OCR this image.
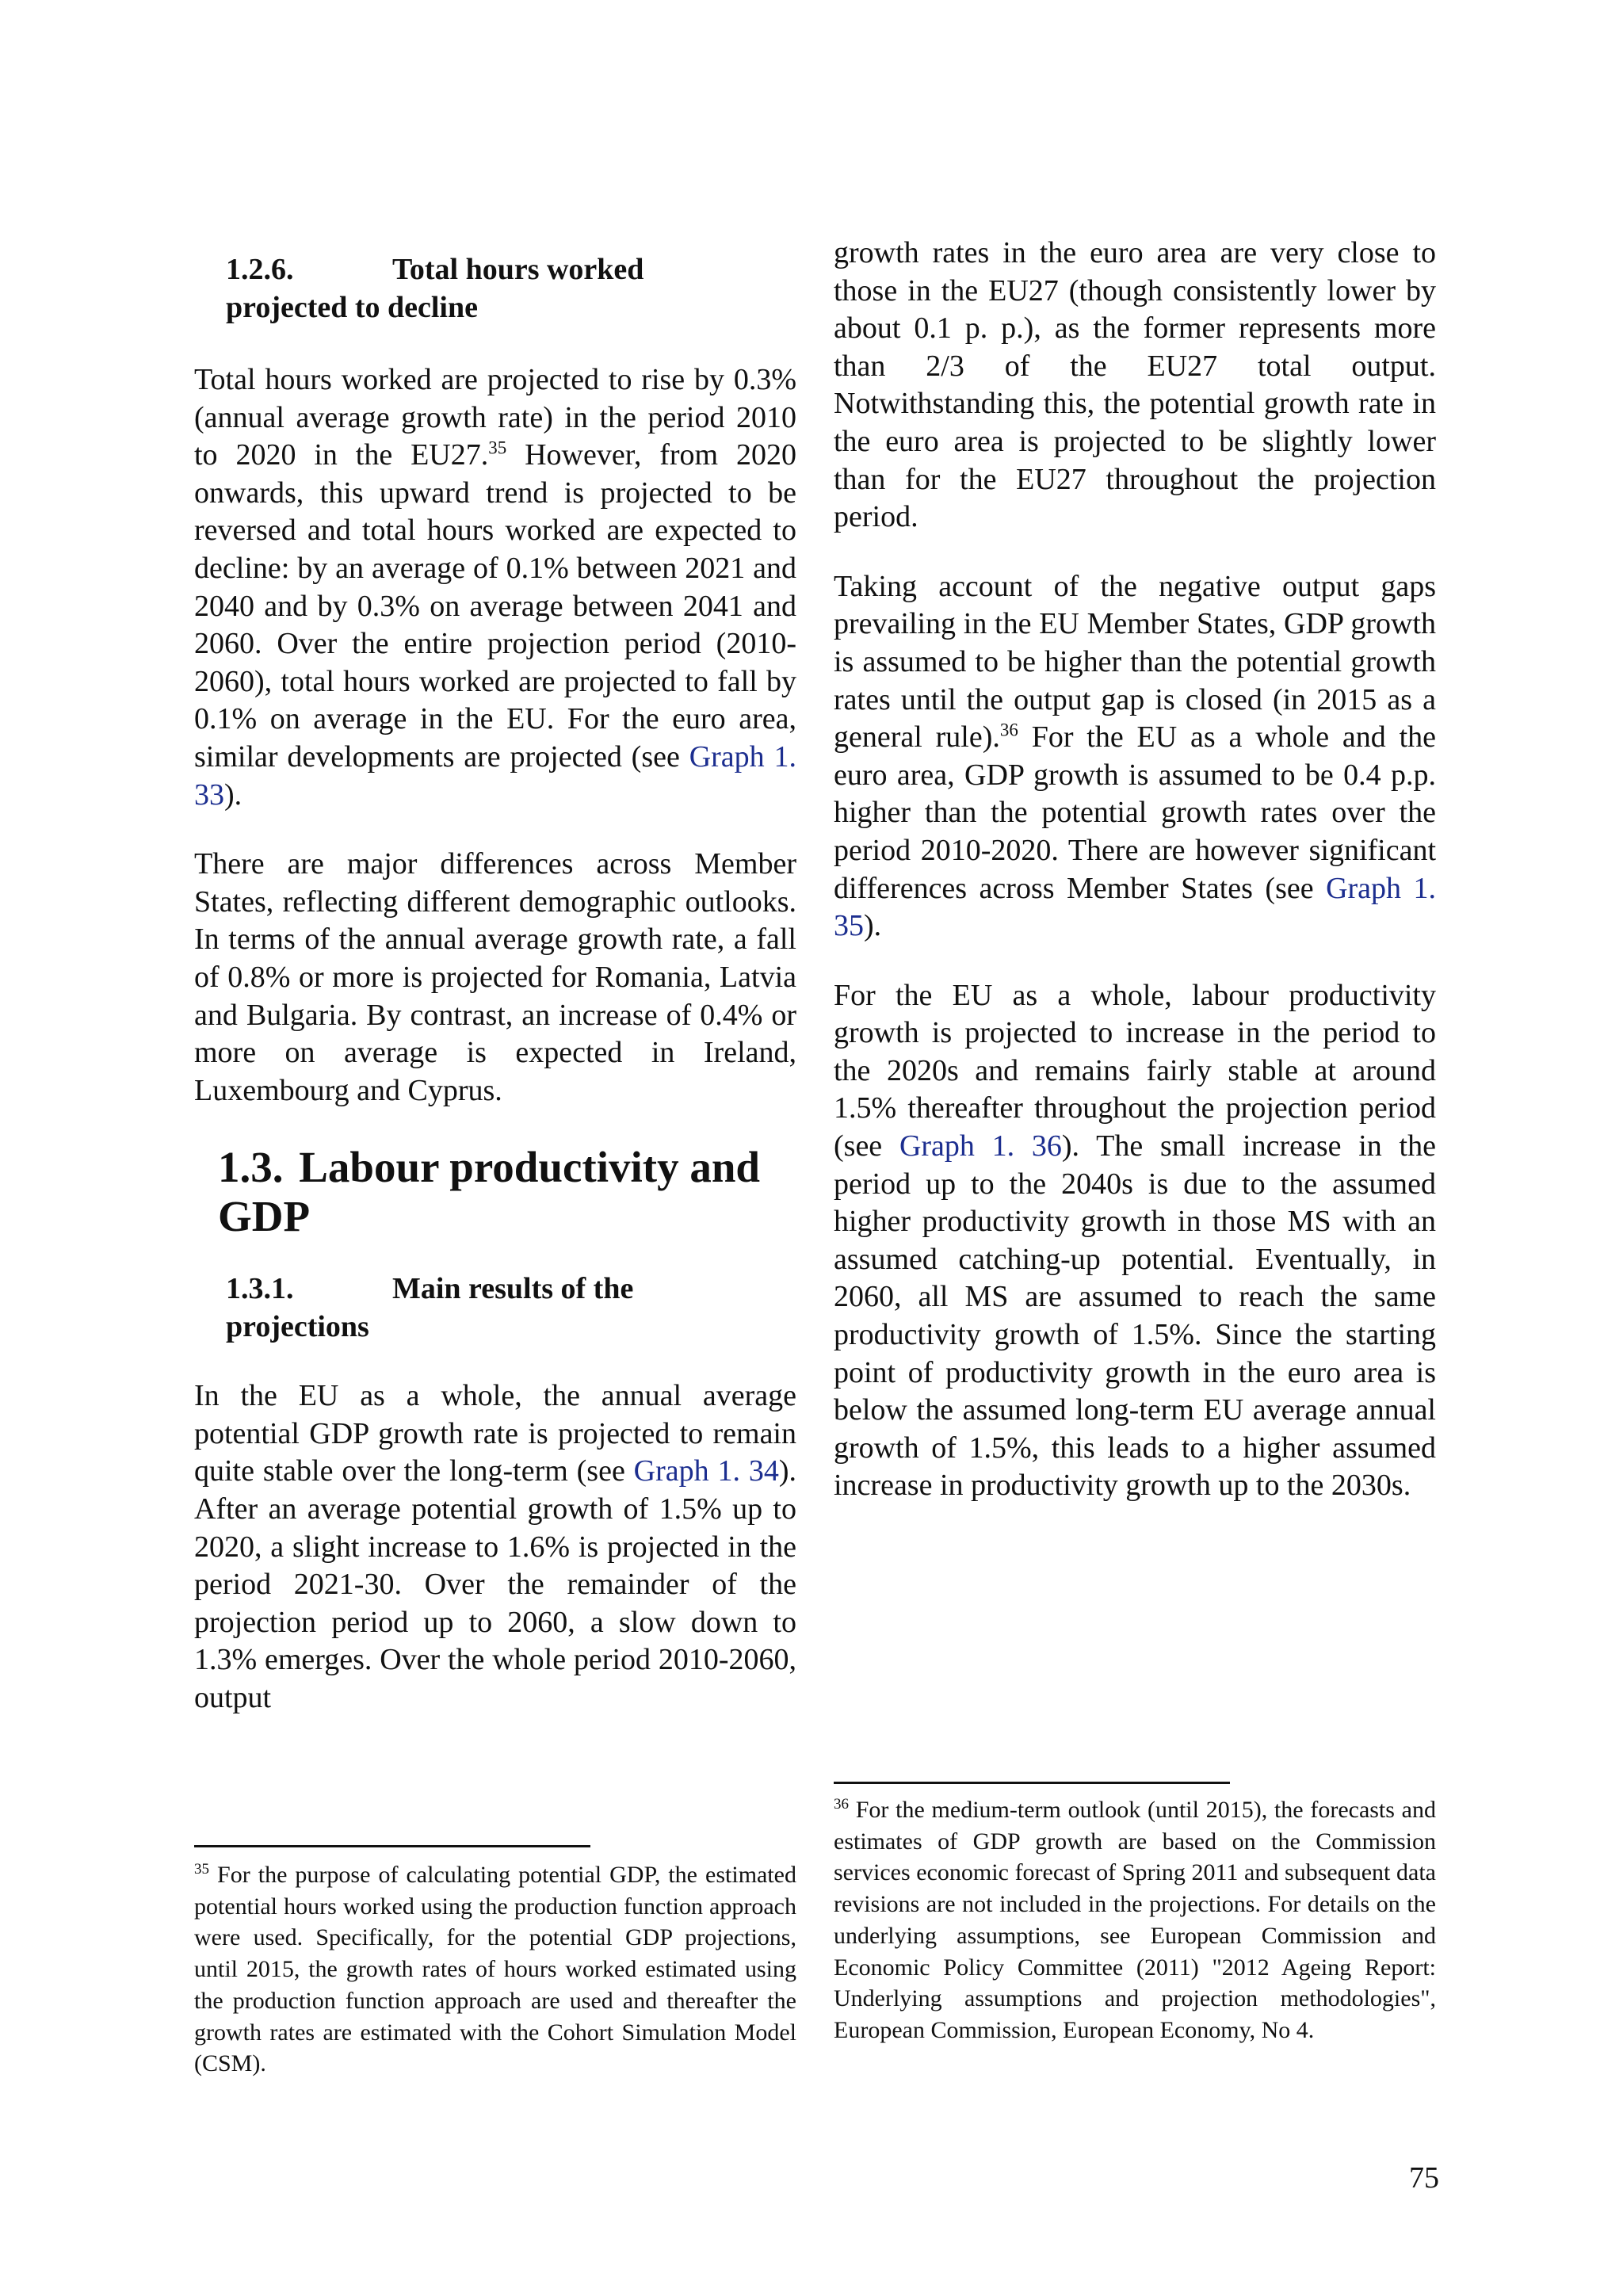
1.2.6.	Total hours worked
projected to decline

Total hours worked are projected to rise by 0.3% (annual average growth rate) in the period 2010 to 2020 in the EU27.35 However, from 2020 onwards, this upward trend is projected to be reversed and total hours worked are expected to decline: by an average of 0.1% between 2021 and 2040 and by 0.3% on average between 2041 and 2060. Over the entire projection period (2010-2060), total hours worked are projected to fall by 0.1% on average in the EU. For the euro area, similar developments are projected (see Graph 1. 33).

There are major differences across Member States, reflecting different demographic outlooks. In terms of the annual average growth rate, a fall of 0.8% or more is projected for Romania, Latvia and Bulgaria. By contrast, an increase of 0.4% or more on average is expected in Ireland, Luxembourg and Cyprus.

1.3. Labour productivity and
GDP
1.3.1.	Main results of the
projections

In the EU as a whole, the annual average potential GDP growth rate is projected to remain quite stable over the long-term (see Graph 1. 34). After an average potential growth of 1.5% up to 2020, a slight increase to 1.6% is projected in the period 2021-30. Over the remainder of the projection period up to 2060, a slow down to 1.3% emerges. Over the whole period 2010-2060, output

growth rates in the euro area are very close to those in the EU27 (though consistently lower by about 0.1 p. p.), as the former represents more than 2/3 of the EU27 total output. Notwithstanding this, the potential growth rate in the euro area is projected to be slightly lower than for the EU27 throughout the projection period.

Taking account of the negative output gaps prevailing in the EU Member States, GDP growth is assumed to be higher than the potential growth rates until the output gap is closed (in 2015 as a general rule).$^{36}$ For the EU as a whole and the euro area, GDP growth is assumed to be 0.4 p.p. higher than the potential growth rates over the period 2010-2020. There are however significant differences across Member States (see Graph 1. 35).

For the EU as a whole, labour productivity growth is projected to increase in the period to the 2020s and remains fairly stable at around 1.5% thereafter throughout the projection period (see Graph 1. 36). The small increase in the period up to the 2040s is due to the assumed higher productivity growth in those MS with an assumed catching-up potential. Eventually, in 2060, all MS are assumed to reach the same productivity growth of 1.5%. Since the starting point of productivity growth in the euro area is below the assumed long-term EU average annual growth of 1.5%, this leads to a higher assumed increase in productivity growth up to the 2030s.

$^{35}$ For the purpose of calculating potential GDP, the estimated potential hours worked using the production function approach were used. Specifically, for the potential GDP projections, until 2015, the growth rates of hours worked estimated using the production function approach are used and thereafter the growth rates are estimated with the Cohort Simulation Model (CSM).

$^{36}$ For the medium-term outlook (until 2015), the forecasts and estimates of GDP growth are based on the Commission services economic forecast of Spring 2011 and subsequent data revisions are not included in the projections. For details on the underlying assumptions, see European Commission and Economic Policy Committee (2011) "2012 Ageing Report: Underlying assumptions and projection methodologies", European Commission, European Economy, No 4.

75
